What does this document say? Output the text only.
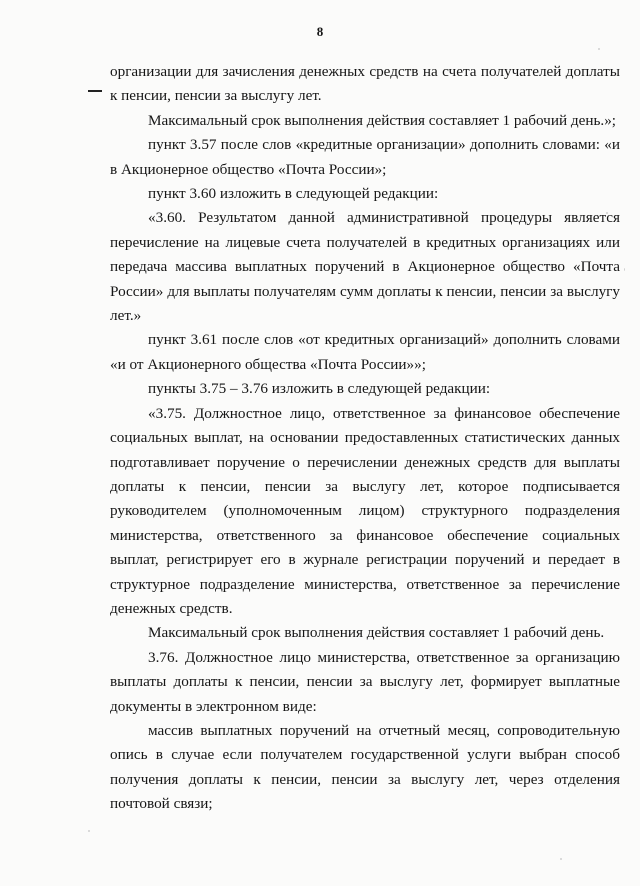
8

организации для зачисления денежных средств на счета получателей доплаты к пенсии, пенсии за выслугу лет.

Максимальный срок выполнения действия составляет 1 рабочий день.»;

пункт 3.57 после слов «кредитные организации» дополнить словами: «и в Акционерное общество «Почта России»;

пункт 3.60 изложить в следующей редакции:

«3.60. Результатом данной административной процедуры является перечисление на лицевые счета получателей в кредитных организациях или передача массива выплатных поручений в Акционерное общество «Почта России» для выплаты получателям сумм доплаты к пенсии, пенсии за выслугу лет.»

пункт 3.61 после слов «от кредитных организаций» дополнить словами «и от Акционерного общества «Почта России»»;

пункты 3.75 – 3.76 изложить в следующей редакции:

«3.75. Должностное лицо, ответственное за финансовое обеспечение социальных выплат, на основании предоставленных статистических данных подготавливает поручение о перечислении денежных средств для выплаты доплаты к пенсии, пенсии за выслугу лет, которое подписывается руководителем (уполномоченным лицом) структурного подразделения министерства, ответственного за финансовое обеспечение социальных выплат, регистрирует его в журнале регистрации поручений и передает в структурное подразделение министерства, ответственное за перечисление денежных средств.

Максимальный срок выполнения действия составляет 1 рабочий день.

3.76. Должностное лицо министерства, ответственное за организацию выплаты доплаты к пенсии, пенсии за выслугу лет, формирует выплатные документы в электронном виде:

массив выплатных поручений на отчетный месяц, сопроводительную опись в случае если получателем государственной услуги выбран способ получения доплаты к пенсии, пенсии за выслугу лет, через отделения почтовой связи;
